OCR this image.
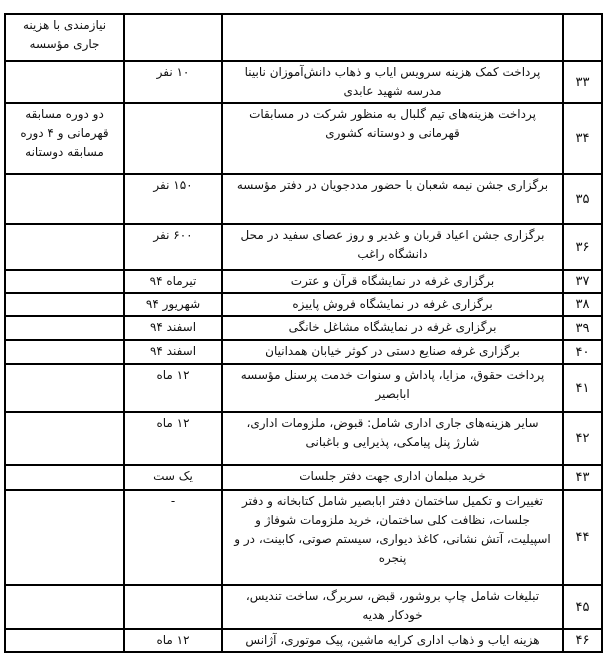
			نیازمندی با هزینه جاری مؤسسه
۳۳	پرداخت کمک هزینه سرویس ایاب و ذهاب دانش‌آموزان نابینا مدرسه شهید عابدی	۱۰ نفر	
۳۴	پرداخت هزینه‌های تیم گلبال به منظور شرکت در مسابقات قهرمانی و دوستانه کشوری		دو دوره مسابقه قهرمانی و ۴ دوره مسابقه دوستانه
۳۵	برگزاری جشن نیمه شعبان با حضور مددجویان در دفتر مؤسسه	۱۵۰ نفر	
۳۶	برگزاری جشن اعیاد قربان و غدیر و روز عصای سفید در محل دانشگاه راغب	۶۰۰ نفر	
۳۷	برگزاری غرفه در نمایشگاه قرآن و عترت	تیرماه ۹۴	
۳۸	برگزاری غرفه در نمایشگاه فروش پاییزه	شهریور ۹۴	
۳۹	برگزاری غرفه در نمایشگاه مشاغل خانگی	اسفند ۹۴	
۴۰	برگزاری غرفه صنایع دستی در کوثر خیابان همدانیان	اسفند ۹۴	
۴۱	پرداخت حقوق، مزایا، پاداش و سنوات خدمت پرسنل مؤسسه ابابصیر	۱۲ ماه	
۴۲	سایر هزینه‌های جاری اداری شامل: قبوض، ملزومات اداری، شارژ پنل پیامکی، پذیرایی و باغبانی	۱۲ ماه	
۴۳	خرید مبلمان اداری جهت دفتر جلسات	یک ست	
۴۴	تغییرات و تکمیل ساختمان دفتر ابابصیر شامل کتابخانه و دفتر جلسات، نظافت کلی ساختمان، خرید ملزومات شوفاژ و اسپیلیت، آتش نشانی، کاغذ دیواری، سیستم صوتی، کابینت، در و پنجره	-	
۴۵	تبلیغات شامل چاپ بروشور، قبض، سربرگ، ساخت تندیس، خودکار هدیه		
۴۶	هزینه ایاب و ذهاب اداری کرایه ماشین، پیک موتوری، آژانس	۱۲ ماه	
